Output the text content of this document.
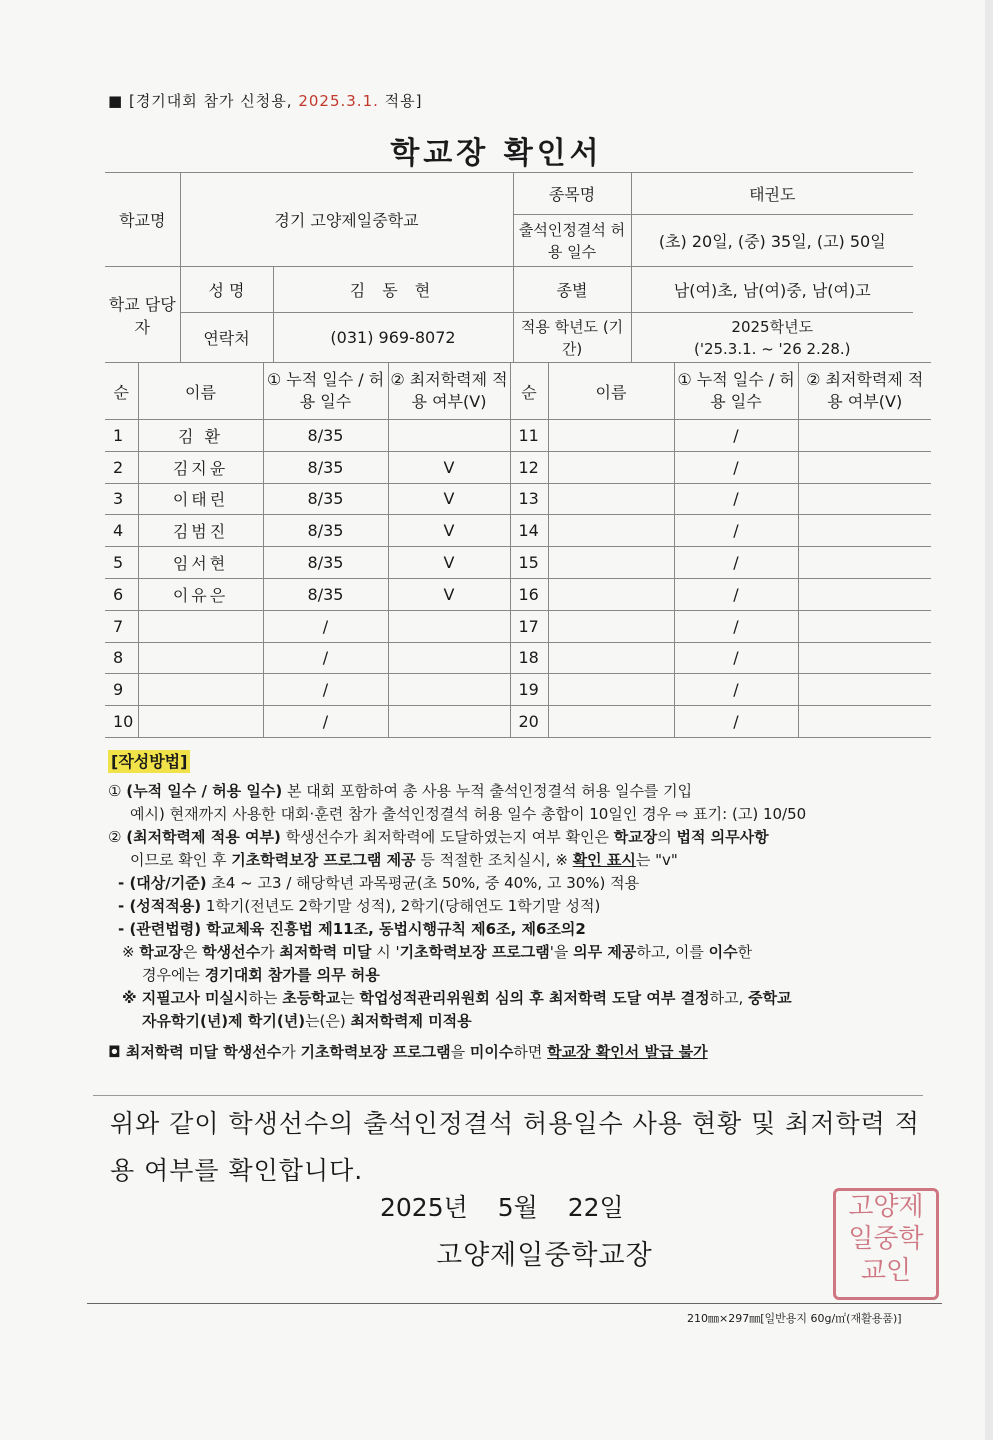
■ [경기대회 참가 신청용, 2025.3.1. 적용]
학교장 확인서
학교명	경기 고양제일중학교		종목명	태권도
			출석인정결석 허용 일수	(초) 20일, (중) 35일, (고) 50일
학교 담당자	성 명	김 동 현	종별	남(여)초, 남(여)중, 남(여)고
	연락처	(031) 969-8072	적용 학년도 (기간)	2025학년도
('25.3.1. ~ '26 2.28.)
순	이름	① 누적 일수 / 허용 일수	② 최저학력제 적용 여부(V)	순	이름	① 누적 일수 / 허용 일수	② 최저학력제 적용 여부(V)
1	김 환	8/35		11		/	
2	김지윤	8/35	V	12		/	
3	이태린	8/35	V	13		/	
4	김범진	8/35	V	14		/	
5	임서현	8/35	V	15		/	
6	이유은	8/35	V	16		/	
7		/		17		/	
8		/		18		/	
9		/		19		/	
10		/		20		/	
[작성방법]
① (누적 일수 / 허용 일수) 본 대회 포함하여 총 사용 누적 출석인정결석 허용 일수를 기입
예시) 현재까지 사용한 대회·훈련 참가 출석인정결석 허용 일수 총합이 10일인 경우 ⇨ 표기: (고) 10/50
② (최저학력제 적용 여부) 학생선수가 최저학력에 도달하였는지 여부 확인은 학교장의 법적 의무사항
이므로 확인 후 기초학력보장 프로그램 제공 등 적절한 조치실시, ※ 확인 표시는 "v"
- (대상/기준) 초4 ~ 고3 / 해당학년 과목평균(초 50%, 중 40%, 고 30%) 적용
- (성적적용) 1학기(전년도 2학기말 성적), 2학기(당해연도 1학기말 성적)
- (관련법령) 학교체육 진흥법 제11조, 동법시행규칙 제6조, 제6조의2
※ 학교장은 학생선수가 최저학력 미달 시 '기초학력보장 프로그램'을 의무 제공하고, 이를 이수한
경우에는 경기대회 참가를 의무 허용
※ 지필고사 미실시하는 초등학교는 학업성적관리위원회 심의 후 최저학력 도달 여부 결정하고, 중학교
자유학기(년)제 학기(년)는(은) 최저학력제 미적용
◘ 최저학력 미달 학생선수가 기초학력보장 프로그램을 미이수하면 학교장 확인서 발급 불가
위와 같이 학생선수의 출석인정결석 허용일수 사용 현황 및 최저학력 적용 여부를 확인합니다.
2025년 5월 22일
고양제일중학교장
고양제
일중학
교인
210㎜×297㎜[일반용지 60g/㎡(재활용품)]
